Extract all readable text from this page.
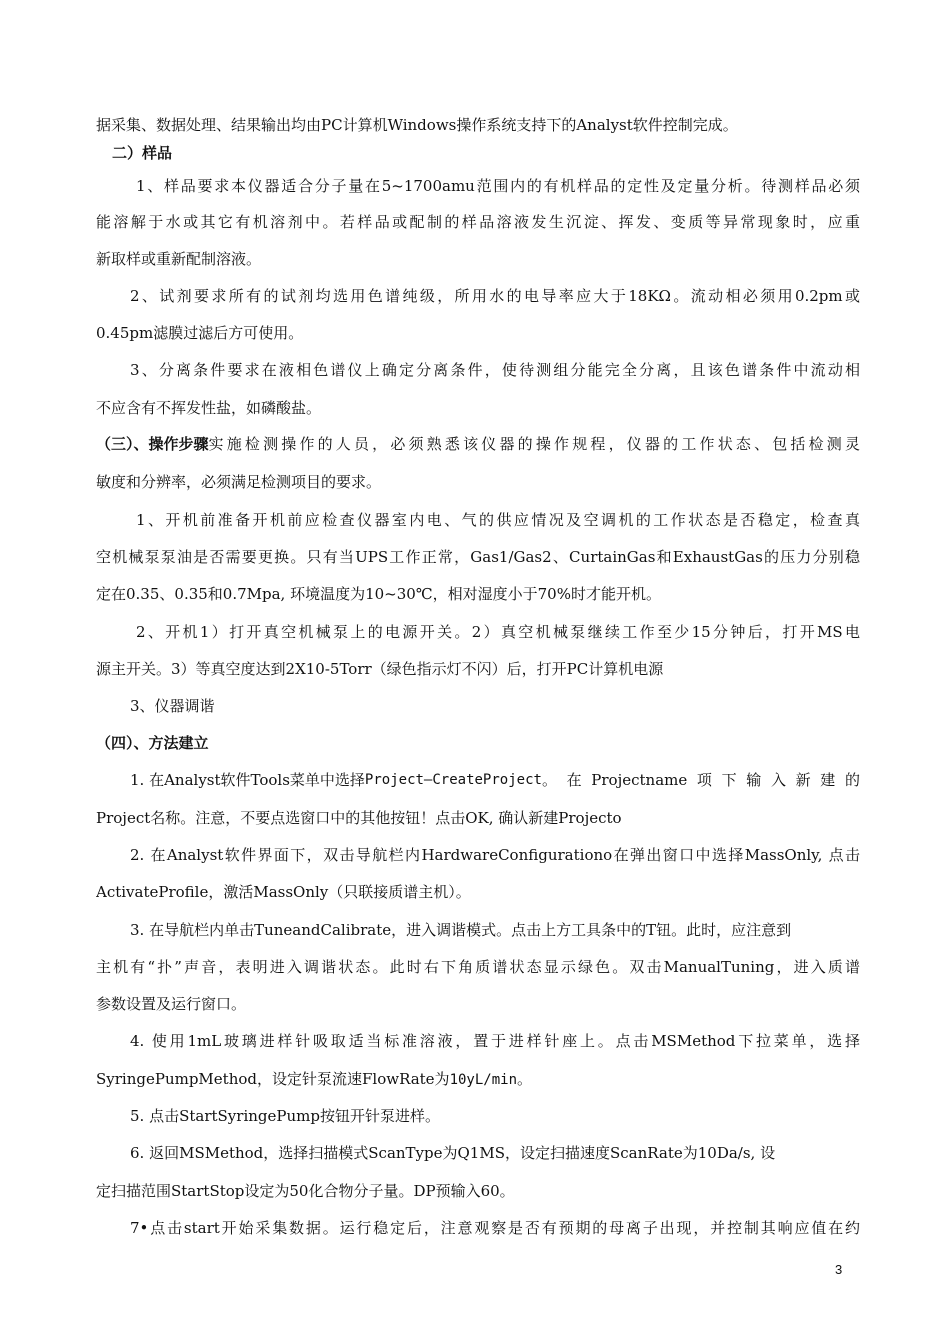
据采集、数据处理、结果输出均由PC计算机Windows操作系统支持下的Analyst软件控制完成。
二）样品
1、样品要求本仪器适合分子量在5~1700amu范围内的有机样品的定性及定量分析。待测样品必须
能溶解于水或其它有机溶剂中。若样品或配制的样品溶液发生沉淀、挥发、变质等异常现象时，应重
新取样或重新配制溶液。
2、试剂要求所有的试剂均选用色谱纯级，所用水的电导率应大于18KΩ。流动相必须用0.2pm或
0.45pm滤膜过滤后方可使用。
3、分离条件要求在液相色谱仪上确定分离条件，使待测组分能完全分离，且该色谱条件中流动相
不应含有不挥发性盐，如磷酸盐。
（三）、操作步骤 实施检测操作的人员，必须熟悉该仪器的操作规程，仪器的工作状态、包括检测灵
敏度和分辨率，必须满足检测项目的要求。
1、开机前准备开机前应检查仪器室内电、气的供应情况及空调机的工作状态是否稳定，检查真
空机械泵泵油是否需要更换。只有当UPS工作正常，Gas1/Gas2、CurtainGas和ExhaustGas的压力分别稳
定在0.35、0.35和0.7Mpa, 环境温度为10~30℃，相对湿度小于70%时才能开机。
2、开机1）打开真空机械泵上的电源开关。2）真空机械泵继续工作至少15分钟后，打开MS电
源主开关。3）等真空度达到2X10-5Torr（绿色指示灯不闪）后，打开PC计算机电源
3、仪器调谐
（四）、方法建立
1. 在Analyst软件Tools菜单中选择 Project—CreateProject 。在Projectname项下输入新建的
Project名称。注意，不要点选窗口中的其他按钮！点击OK, 确认新建Projecto
2. 在Analyst软件界面下，双击导航栏内HardwareConfigurationo在弹出窗口中选择MassOnly, 点击
ActivateProfile，激活MassOnly（只联接质谱主机）。
3. 在导航栏内单击TuneandCalibrate，进入调谐模式。点击上方工具条中的T钮。此时，应注意到
主机有“扑”声音，表明进入调谐状态。此时右下角质谱状态显示绿色。双击ManualTuning，进入质谱
参数设置及运行窗口。
4. 使用1mL玻璃进样针吸取适当标准溶液，置于进样针座上。点击MSMethod下拉菜单，选择
SyringePumpMethod，设定针泵流速FlowRate为10yL/min。
5. 点击StartSyringePump按钮开针泵进样。
6. 返回MSMethod，选择扫描模式ScanType为Q1MS，设定扫描速度ScanRate为10Da/s, 设
定扫描范围StartStop设定为50化合物分子量。DP预输入60。
7•点击start开始采集数据。运行稳定后，注意观察是否有预期的母离子出现，并控制其响应值在约
3
